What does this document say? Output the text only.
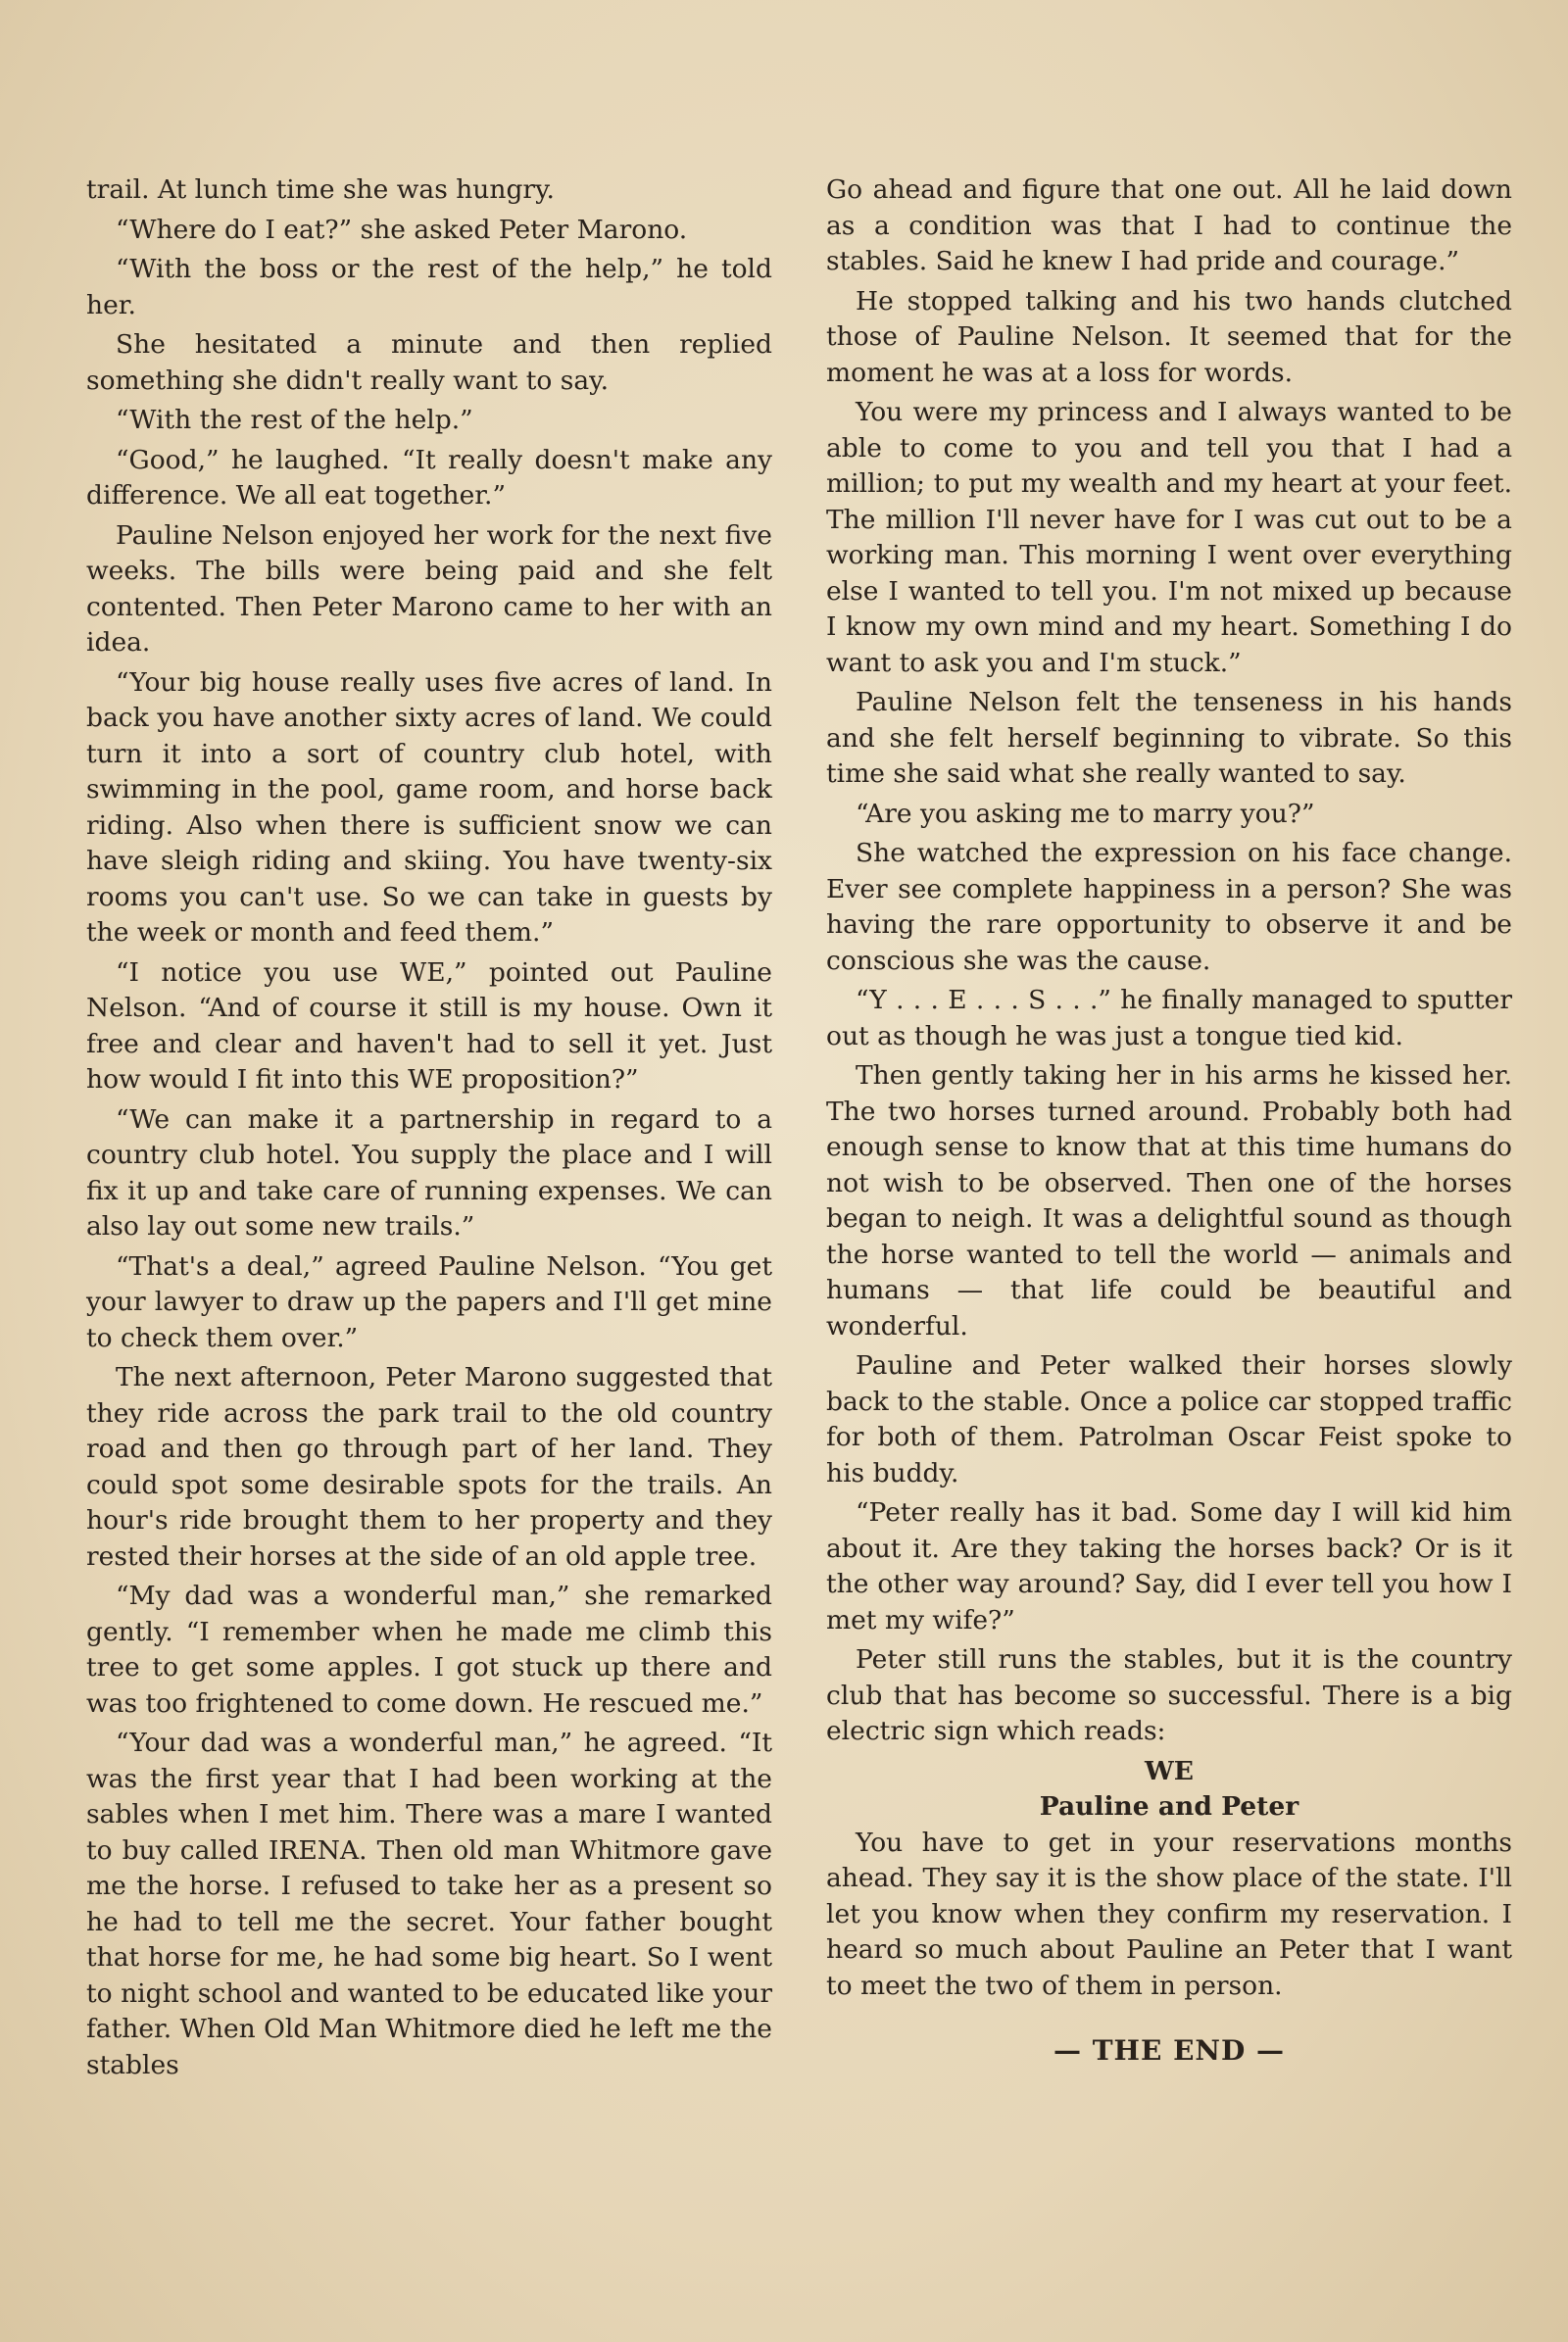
trail. At lunch time she was hungry.

“Where do I eat?” she asked Peter Marono.

“With the boss or the rest of the help,” he told her.

She hesitated a minute and then replied something she didn't really want to say.

“With the rest of the help.”

“Good,” he laughed. “It really doesn't make any difference. We all eat together.”

Pauline Nelson enjoyed her work for the next five weeks. The bills were being paid and she felt contented. Then Peter Marono came to her with an idea.

“Your big house really uses five acres of land. In back you have another sixty acres of land. We could turn it into a sort of country club hotel, with swimming in the pool, game room, and horse back riding. Also when there is sufficient snow we can have sleigh riding and skiing. You have twenty-six rooms you can't use. So we can take in guests by the week or month and feed them.”

“I notice you use WE,” pointed out Pauline Nelson. “And of course it still is my house. Own it free and clear and haven't had to sell it yet. Just how would I fit into this WE proposition?”

“We can make it a partnership in regard to a country club hotel. You supply the place and I will fix it up and take care of running expenses. We can also lay out some new trails.”

“That's a deal,” agreed Pauline Nelson. “You get your lawyer to draw up the papers and I'll get mine to check them over.”

The next afternoon, Peter Marono suggested that they ride across the park trail to the old country road and then go through part of her land. They could spot some desirable spots for the trails. An hour's ride brought them to her property and they rested their horses at the side of an old apple tree.

“My dad was a wonderful man,” she remarked gently. “I remember when he made me climb this tree to get some apples. I got stuck up there and was too frightened to come down. He rescued me.”

“Your dad was a wonderful man,” he agreed. “It was the first year that I had been working at the sables when I met him. There was a mare I wanted to buy called IRENA. Then old man Whitmore gave me the horse. I refused to take her as a present so he had to tell me the secret. Your father bought that horse for me, he had some big heart. So I went to night school and wanted to be educated like your father. When Old Man Whitmore died he left me the stables

Go ahead and figure that one out. All he laid down as a condition was that I had to continue the stables. Said he knew I had pride and courage.”

He stopped talking and his two hands clutched those of Pauline Nelson. It seemed that for the moment he was at a loss for words.

You were my princess and I always wanted to be able to come to you and tell you that I had a million; to put my wealth and my heart at your feet. The million I'll never have for I was cut out to be a working man. This morning I went over everything else I wanted to tell you. I'm not mixed up because I know my own mind and my heart. Something I do want to ask you and I'm stuck.”

Pauline Nelson felt the tenseness in his hands and she felt herself beginning to vibrate. So this time she said what she really wanted to say.

“Are you asking me to marry you?”

She watched the expression on his face change. Ever see complete happiness in a person? She was having the rare opportunity to observe it and be conscious she was the cause.

“Y . . . E . . . S . . .” he finally managed to sputter out as though he was just a tongue tied kid.

Then gently taking her in his arms he kissed her. The two horses turned around. Probably both had enough sense to know that at this time humans do not wish to be observed. Then one of the horses began to neigh. It was a delightful sound as though the horse wanted to tell the world — animals and humans — that life could be beautiful and wonderful.

Pauline and Peter walked their horses slowly back to the stable. Once a police car stopped traffic for both of them. Patrolman Oscar Feist spoke to his buddy.

“Peter really has it bad. Some day I will kid him about it. Are they taking the horses back? Or is it the other way around? Say, did I ever tell you how I met my wife?”

Peter still runs the stables, but it is the country club that has become so successful. There is a big electric sign which reads:

WE

Pauline and Peter

You have to get in your reservations months ahead. They say it is the show place of the state. I'll let you know when they confirm my reservation. I heard so much about Pauline an Peter that I want to meet the two of them in person.

— THE END —
